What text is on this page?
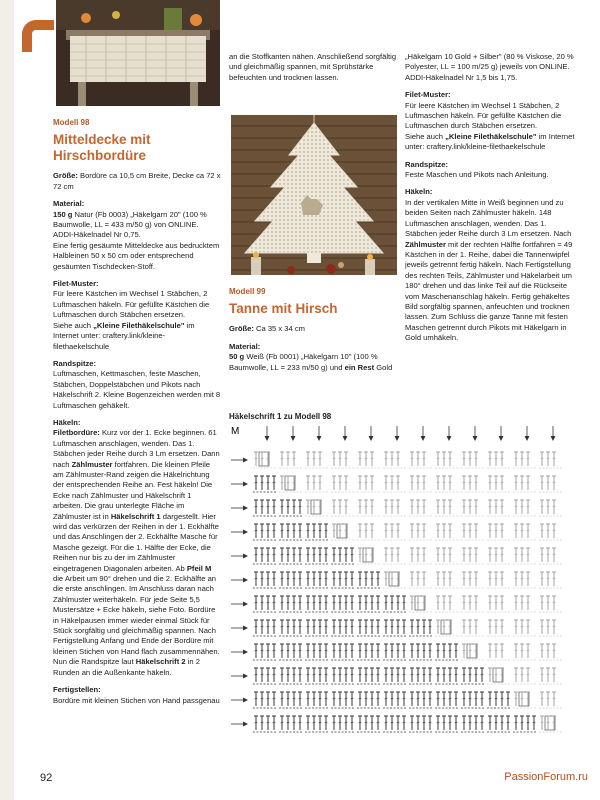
Modell 98
Mitteldecke mit Hirschbordüre

Größe: Bordüre ca 10,5 cm Breite, Decke ca 72 x 72 cm

Material:

150 g Natur (Fb 0003) „Häkelgarn 20" (100 % Baumwolle, LL = 433 m/50 g) von ONLINE.

ADDI-Häkelnadel Nr 0,75.

Eine fertig gesäumte Mitteldecke aus bedrucktem Halbleinen 50 x 50 cm oder entsprechend gesäumten Tischdecken-Stoff.

Filet-Muster:

Für leere Kästchen im Wechsel 1 Stäbchen, 2 Luftmaschen häkeln. Für gefüllte Kästchen die Luftmaschen durch Stäbchen ersetzen.

Siehe auch „Kleine Filethäkelschule" im Internet unter: craftery.link/kleine-filethaekelschule

Randspitze:

Luftmaschen, Kettmaschen, feste Maschen, Stäbchen, Doppelstäbchen und Pikots nach Häkelschrift 2. Kleine Bogenzeichen werden mit 8 Luftmaschen gehäkelt.

Häkeln:

Filetbordüre: Kurz vor der 1. Ecke beginnen. 61 Luftmaschen anschlagen, wenden. Das 1. Stäbchen jeder Reihe durch 3 Lm ersetzen. Dann nach Zählmuster fortfahren. Die kleinen Pfeile am Zählmuster-Rand zeigen die Häkelrichtung der entsprechenden Reihe an. Fest häkeln! Die Ecke nach Zählmuster und Häkelschrift 1 arbeiten. Die grau unterlegte Fläche im Zählmuster ist in Häkelschrift 1 dargestellt. Hier wird das verkürzen der Reihen in der 1. Eckhälfte und das Anschlingen der 2. Eckhälfte Masche für Masche gezeigt. Für die 1. Hälfte der Ecke, die Reihen nur bis zu der im Zählmuster eingetragenen Diagonalen arbeiten. Ab Pfeil M die Arbeit um 90° drehen und die 2. Eckhälfte an die erste anschlingen. Im Anschluss daran nach Zählmuster weiterhäkeln. Für jede Seite 5,5 Mustersätze + Ecke häkeln, siehe Foto. Bordüre in Häkelpausen immer wieder einmal Stück für Stück sorgfältig und gleichmäßig spannen. Nach Fertigstellung Anfang und Ende der Bordüre mit kleinen Stichen von Hand flach zusammennähen.

Nun die Randspitze laut Häkelschrift 2 in 2 Runden an die Außenkante häkeln.

Fertigstellen:

Bordüre mit kleinen Stichen von Hand passgenau

an die Stoffkanten nähen. Anschließend sorgfältig und gleichmäßig spannen, mit Sprühstärke befeuchten und trocknen lassen.

Modell 99
Tanne mit Hirsch

Größe: Ca 35 x 34 cm

Material:

50 g Weiß (Fb 0001) „Häkelgarn 10" (100 % Baumwolle, LL = 233 m/50 g) und ein Rest Gold

„Häkelgarn 10 Gold + Silber" (80 % Viskose, 20 % Polyester, LL = 100 m/25 g) jeweils von ONLINE. ADDI-Häkelnadel Nr 1,5 bis 1,75.

Filet-Muster:

Für leere Kästchen im Wechsel 1 Stäbchen, 2 Luftmaschen häkeln. Für gefüllte Kästchen die Luftmaschen durch Stäbchen ersetzen.

Siehe auch „Kleine Filethäkelschule" im Internet unter: craftery.link/kleine-filethaekelschule

Randspitze:

Feste Maschen und Pikots nach Anleitung.

Häkeln:

In der vertikalen Mitte in Weiß beginnen und zu beiden Seiten nach Zählmuster häkeln. 148 Luftmaschen anschlagen, wenden. Das 1. Stäbchen jeder Reihe durch 3 Lm ersetzen. Nach Zählmuster mit der rechten Hälfte fortfahren = 49 Kästchen in der 1. Reihe, dabei die Tannenwipfel jeweils getrennt fertig häkeln. Nach Fertigstellung des rechten Teils, Zählmuster und Häkelarbeit um 180° drehen und das linke Teil auf die Rückseite vom Maschenanschlag häkeln. Fertig gehäkeltes Bild sorgfältig spannen, anfeuchten und trocknen lassen. Zum Schluss die ganze Tanne mit festen Maschen getrennt durch Pikots mit Häkelgarn in Gold umhäkeln.

Häkelschrift 1 zu Modell 98
M
92	PassionForum.ru
